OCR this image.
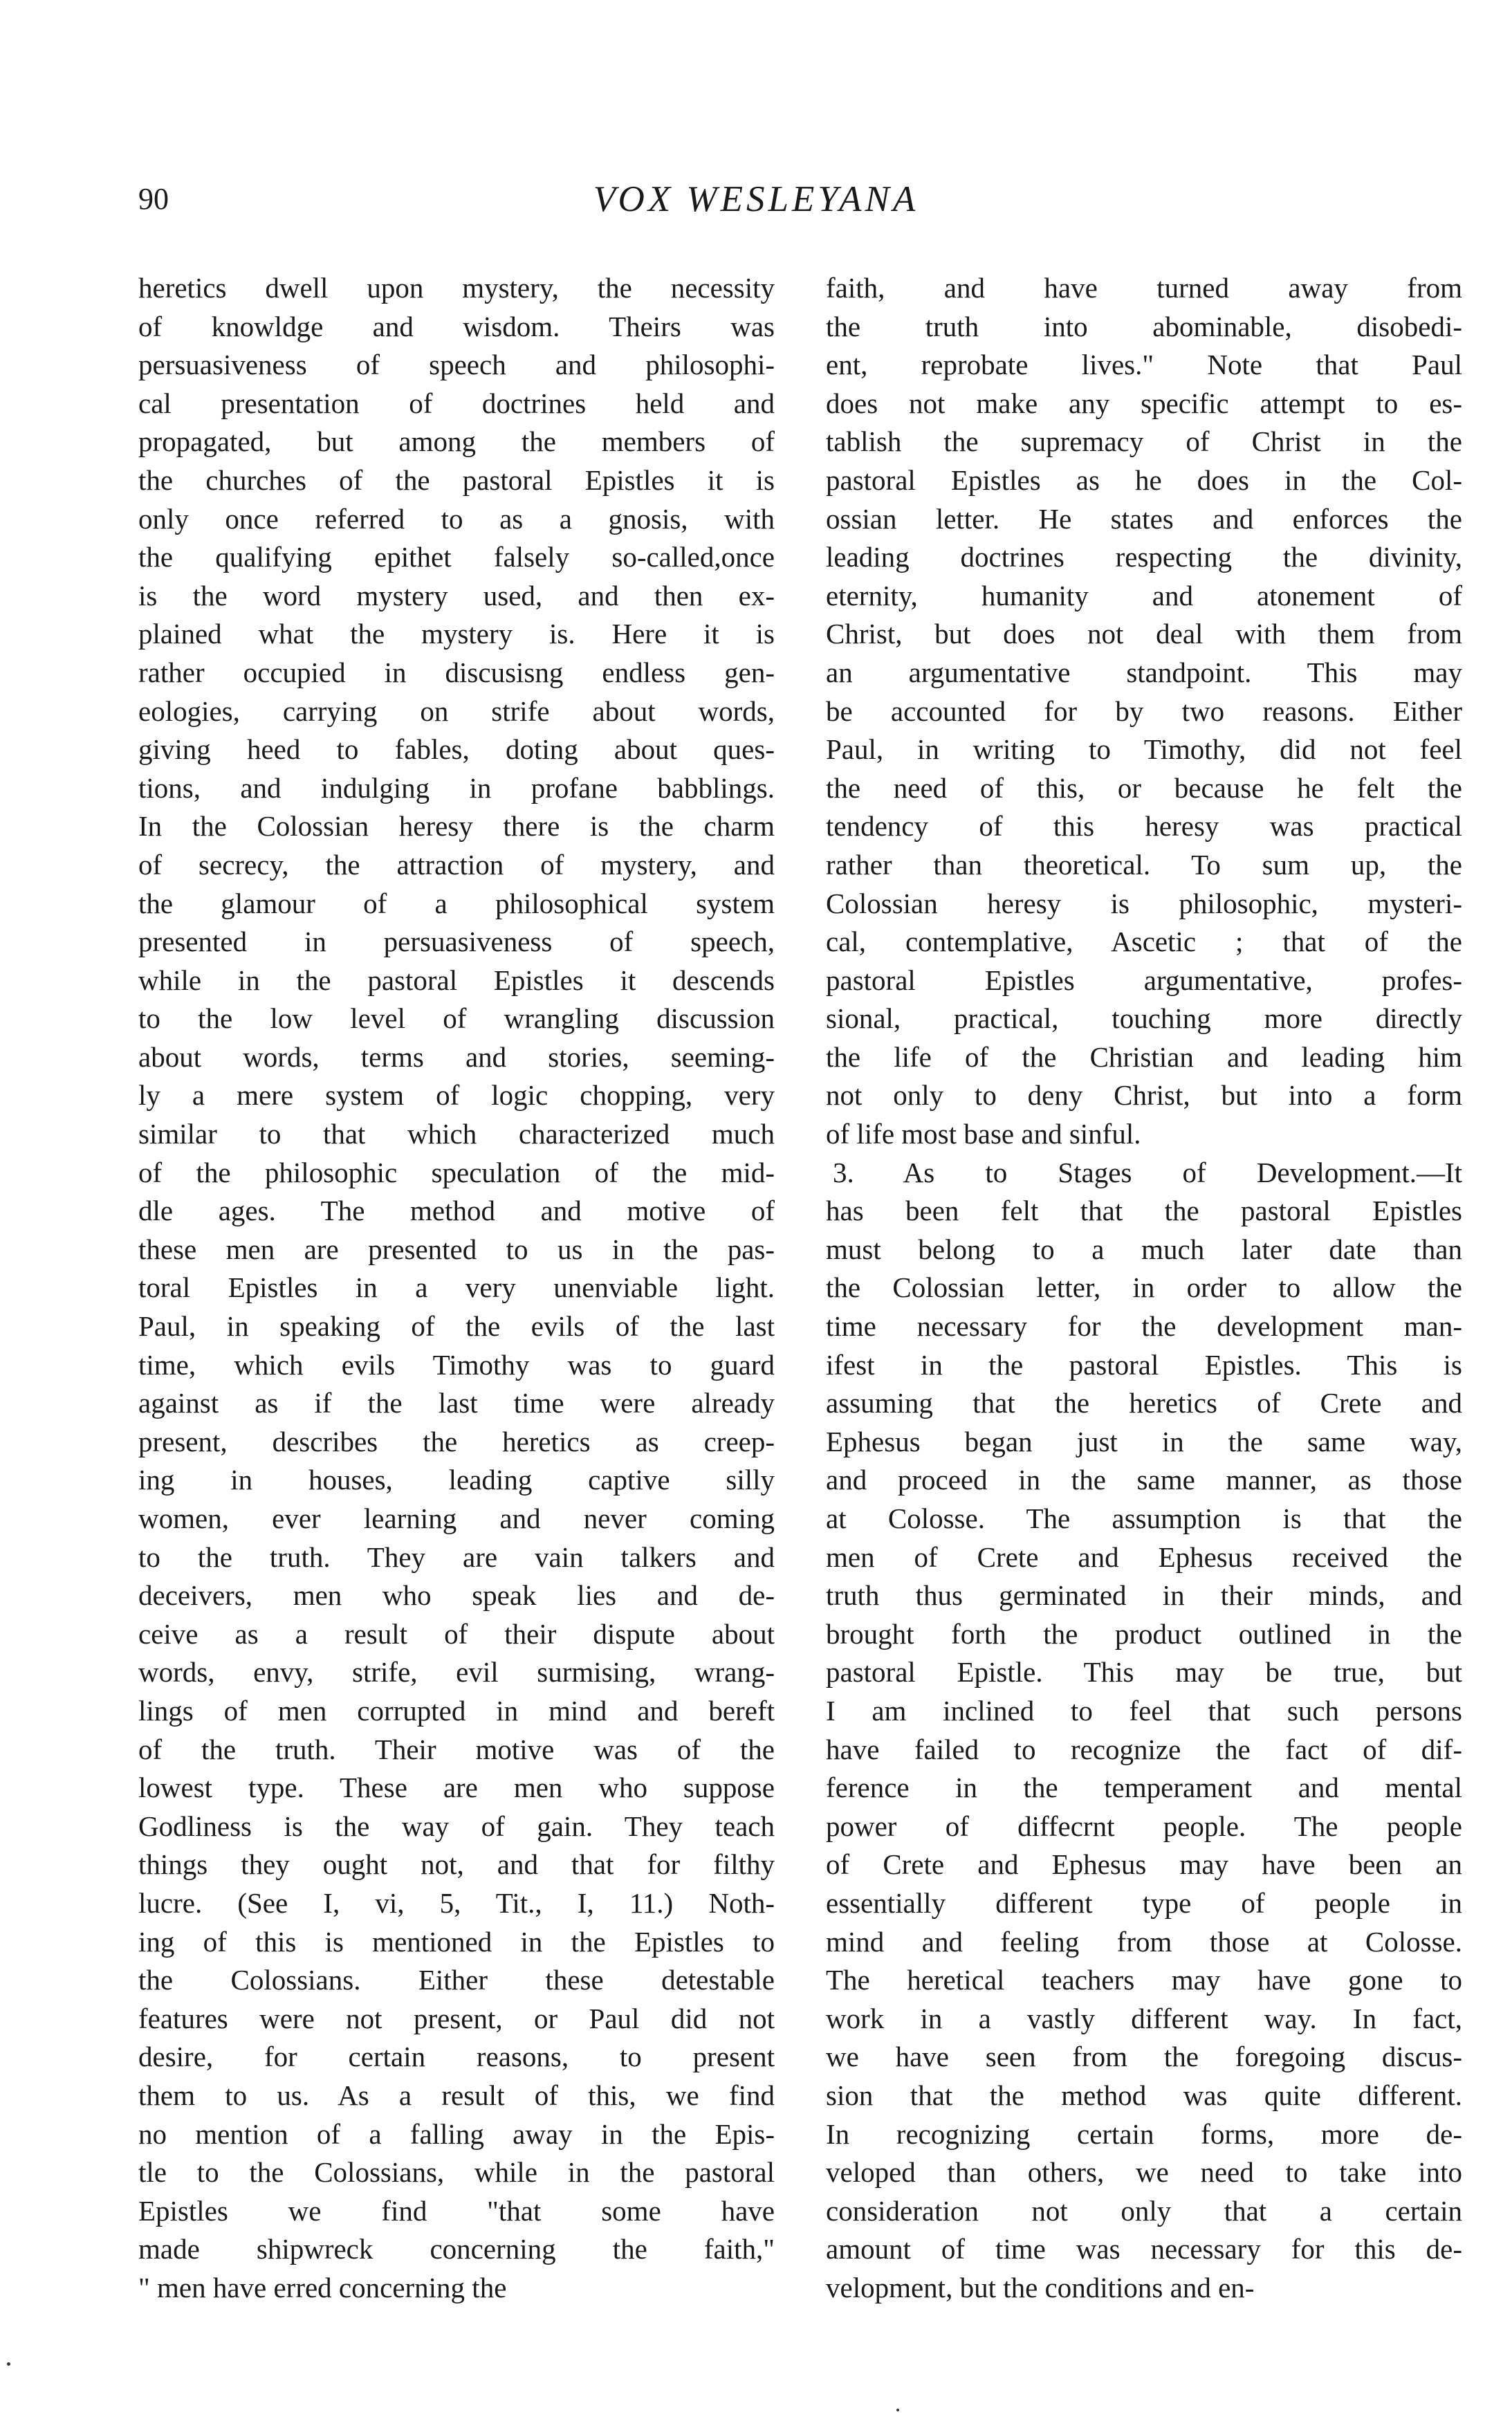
90	VOX WESLEYANA
heretics dwell upon mystery, the necessity
of knowldge and wisdom. Theirs was
persuasiveness of speech and philosophi-
cal presentation of doctrines held and
propagated, but among the members of
the churches of the pastoral Epistles it is
only once referred to as a gnosis, with
the qualifying epithet falsely so-called,once
is the word mystery used, and then ex-
plained what the mystery is. Here it is
rather occupied in discusisng endless gen-
eologies, carrying on strife about words,
giving heed to fables, doting about ques-
tions, and indulging in profane babblings.
In the Colossian heresy there is the charm
of secrecy, the attraction of mystery, and
the glamour of a philosophical system
presented in persuasiveness of speech,
while in the pastoral Epistles it descends
to the low level of wrangling discussion
about words, terms and stories, seeming-
ly a mere system of logic chopping, very
similar to that which characterized much
of the philosophic speculation of the mid-
dle ages. The method and motive of
these men are presented to us in the pas-
toral Epistles in a very unenviable light.
Paul, in speaking of the evils of the last
time, which evils Timothy was to guard
against as if the last time were already
present, describes the heretics as creep-
ing in houses, leading captive silly
women, ever learning and never coming
to the truth. They are vain talkers and
deceivers, men who speak lies and de-
ceive as a result of their dispute about
words, envy, strife, evil surmising, wrang-
lings of men corrupted in mind and bereft
of the truth. Their motive was of the
lowest type. These are men who suppose
Godliness is the way of gain. They teach
things they ought not, and that for filthy
lucre. (See I, vi, 5, Tit., I, 11.) Noth-
ing of this is mentioned in the Epistles to
the Colossians. Either these detestable
features were not present, or Paul did not
desire, for certain reasons, to present
them to us. As a result of this, we find
no mention of a falling away in the Epis-
tle to the Colossians, while in the pastoral
Epistles we find "that some have
made shipwreck concerning the faith,"
" men have erred concerning the
faith, and have turned away from
the truth into abominable, disobedi-
ent, reprobate lives." Note that Paul
does not make any specific attempt to es-
tablish the supremacy of Christ in the
pastoral Epistles as he does in the Col-
ossian letter. He states and enforces the
leading doctrines respecting the divinity,
eternity, humanity and atonement of
Christ, but does not deal with them from
an argumentative standpoint. This may
be accounted for by two reasons. Either
Paul, in writing to Timothy, did not feel
the need of this, or because he felt the
tendency of this heresy was practical
rather than theoretical. To sum up, the
Colossian heresy is philosophic, mysteri-
cal, contemplative, Ascetic ; that of the
pastoral Epistles argumentative, profes-
sional, practical, touching more directly
the life of the Christian and leading him
not only to deny Christ, but into a form
of life most base and sinful.
3. As to Stages of Development.—It
has been felt that the pastoral Epistles
must belong to a much later date than
the Colossian letter, in order to allow the
time necessary for the development man-
ifest in the pastoral Epistles. This is
assuming that the heretics of Crete and
Ephesus began just in the same way,
and proceed in the same manner, as those
at Colosse. The assumption is that the
men of Crete and Ephesus received the
truth thus germinated in their minds, and
brought forth the product outlined in the
pastoral Epistle. This may be true, but
I am inclined to feel that such persons
have failed to recognize the fact of dif-
ference in the temperament and mental
power of diffecrnt people. The people
of Crete and Ephesus may have been an
essentially different type of people in
mind and feeling from those at Colosse.
The heretical teachers may have gone to
work in a vastly different way. In fact,
we have seen from the foregoing discus-
sion that the method was quite different.
In recognizing certain forms, more de-
veloped than others, we need to take into
consideration not only that a certain
amount of time was necessary for this de-
velopment, but the conditions and en-
